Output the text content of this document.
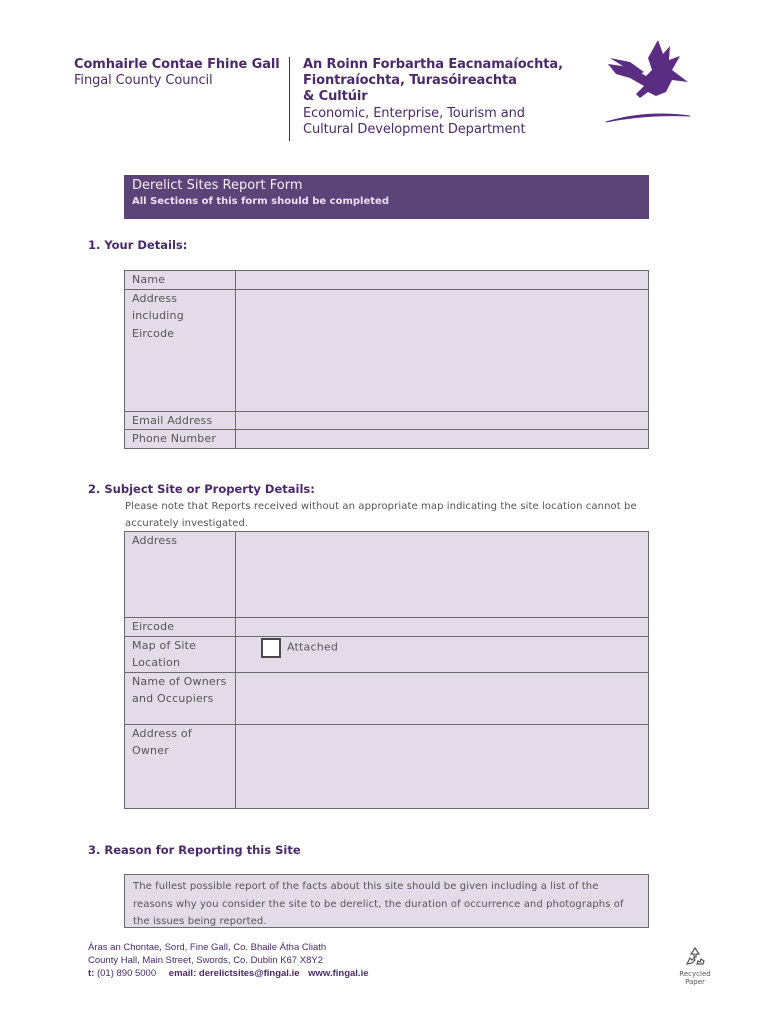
Comhairle Contae Fhine Gall
Fingal County Council
An Roinn Forbartha Eacnamaíochta,
Fiontraíochta, Turasóireachta
& Cultúir
Economic, Enterprise, Tourism and
Cultural Development Department
Derelict Sites Report Form
All Sections of this form should be completed
1. Your Details:
Name	
Address including Eircode	
Email Address	
Phone Number	
2. Subject Site or Property Details:
Please note that Reports received without an appropriate map indicating the site location cannot be accurately investigated.
Address	
Eircode	
Map of Site Location	Attached
Name of Owners and Occupiers	
Address of Owner	
3. Reason for Reporting this Site
The fullest possible report of the facts about this site should be given including a list of the reasons why you consider the site to be derelict, the duration of occurrence and photographs of the issues being reported.
Áras an Chontae, Sord, Fine Gall, Co. Bhaile Átha Cliath
County Hall, Main Street, Swords, Co. Dublin K67 X8Y2
t: (01) 890 5000 email: derelictsites@fingal.ie www.fingal.ie	Recycled
Paper
